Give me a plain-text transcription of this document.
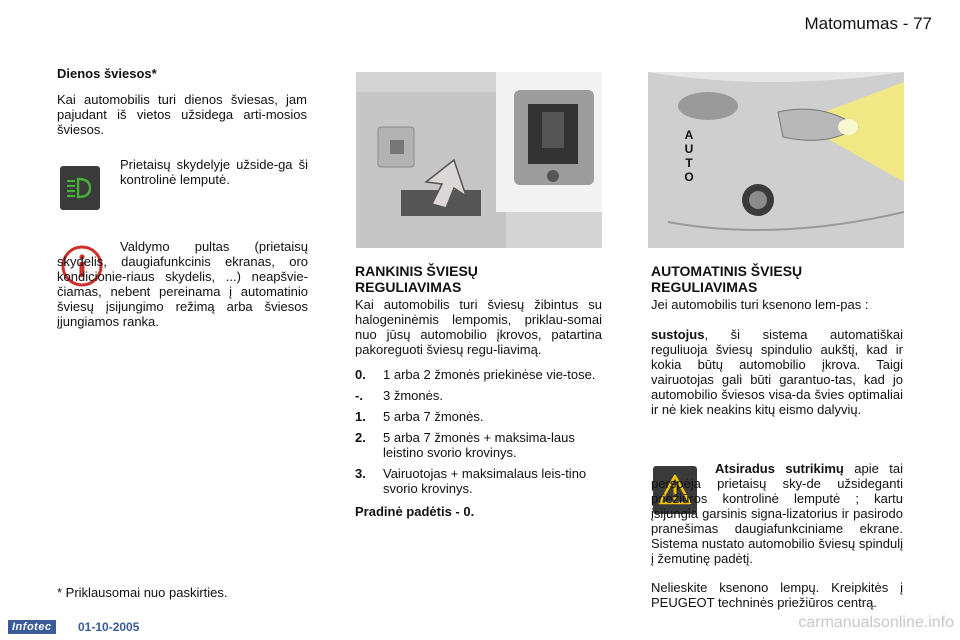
Matomumas - 77
Dienos šviesos*
Kai automobilis turi dienos šviesas, jam pajudant iš vietos užsidega arti-mosios šviesos.
Prietaisų skydelyje užside-ga ši kontrolinė lemputė.
Valdymo pultas (prietaisų skydelis, daugiafunkcinis ekranas, oro kondicionie-riaus skydelis, ...) neapšvie-čiamas, nebent pereinama į automatinio šviesų įsijungimo režimą arba šviesos įjungiamos ranka.
* Priklausomai nuo paskirties.
RANKINIS ŠVIESŲ REGULIAVIMAS
Kai automobilis turi šviesų žibintus su halogeninėmis lempomis, priklau-somai nuo jūsų automobilio įkrovos, patartina pakoreguoti šviesų regu-liavimą.
0.	1 arba 2 žmonės priekinėse vie-tose.
-.	3 žmonės.
1.	5 arba 7 žmonės.
2.	5 arba 7 žmonės + maksima-laus leistino svorio krovinys.
3.	Vairuotojas + maksimalaus leis-tino svorio krovinys.
Pradinė padėtis - 0.
A
U
T
O
AUTOMATINIS ŠVIESŲ REGULIAVIMAS
Jei automobilis turi ksenono lem-pas :
sustojus, ši sistema automatiškai reguliuoja šviesų spindulio aukštį, kad ir kokia būtų automobilio įkrova. Taigi vairuotojas gali būti garantuo-tas, kad jo automobilio šviesos visa-da švies optimaliai ir nė kiek neakins kitų eismo dalyvių.
Atsiradus sutrikimų apie tai perspėja prietaisų sky-de užsideganti priežiūros kontrolinė lemputė ; kartu įsijungia garsinis signa-lizatorius ir pasirodo pranešimas daugiafunkciniame ekrane. Sistema nustato automobilio šviesų spindulį į žemutinę padėtį.
Nelieskite ksenono lempų. Kreipkitės į PEUGEOT techninės priežiūros centrą.
Infotec	01-10-2005	carmanualsonline.info
